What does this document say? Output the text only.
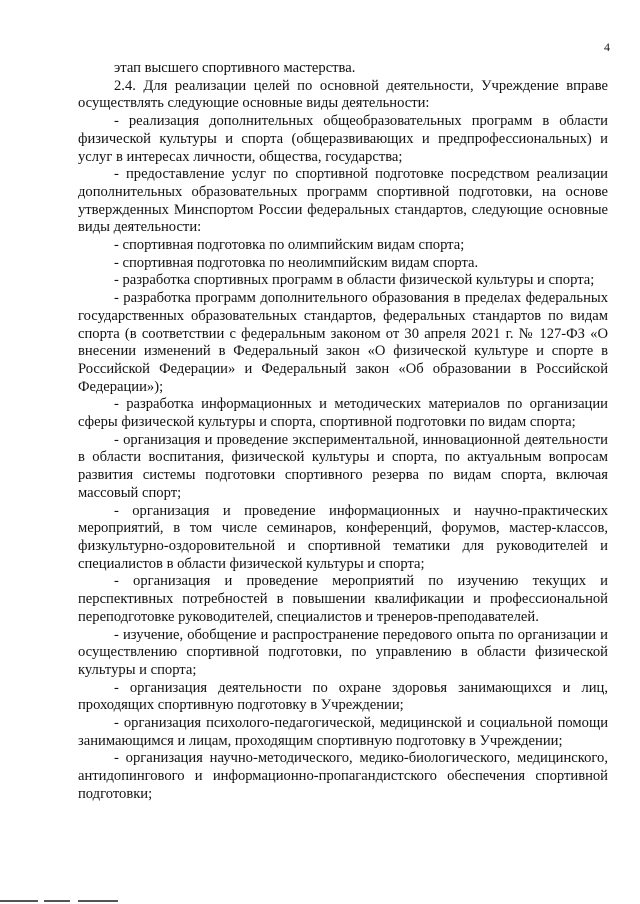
4

этап высшего спортивного мастерства.

2.4. Для реализации целей по основной деятельности, Учреждение вправе осуществлять следующие основные виды деятельности:

- реализация дополнительных общеобразовательных программ в области физической культуры и спорта (общеразвивающих и предпрофессиональных) и услуг в интересах личности, общества, государства;

- предоставление услуг по спортивной подготовке посредством реализации дополнительных образовательных программ спортивной подготовки, на основе утвержденных Минспортом России федеральных стандартов, следующие основные виды деятельности:

- спортивная подготовка по олимпийским видам спорта;

- спортивная подготовка по неолимпийским видам спорта.

- разработка спортивных программ в области физической культуры и спорта;

- разработка программ дополнительного образования в пределах федеральных государственных образовательных стандартов, федеральных стандартов по видам спорта (в соответствии с федеральным законом от 30 апреля 2021 г. № 127-ФЗ «О внесении изменений в Федеральный закон «О физической культуре и спорте в Российской Федерации» и Федеральный закон «Об образовании в Российской Федерации»);

- разработка информационных и методических материалов по организации сферы физической культуры и спорта, спортивной подготовки по видам спорта;

- организация и проведение экспериментальной, инновационной деятельности в области воспитания, физической культуры и спорта, по актуальным вопросам развития системы подготовки спортивного резерва по видам спорта, включая массовый спорт;

- организация и проведение информационных и научно-практических мероприятий, в том числе семинаров, конференций, форумов, мастер-классов, физкультурно-оздоровительной и спортивной тематики для руководителей и специалистов в области физической культуры и спорта;

- организация и проведение мероприятий по изучению текущих и перспективных потребностей в повышении квалификации и профессиональной переподготовке руководителей, специалистов и тренеров-преподавателей.

- изучение, обобщение и распространение передового опыта по организации и осуществлению спортивной подготовки, по управлению в области физической культуры и спорта;

- организация деятельности по охране здоровья занимающихся и лиц, проходящих спортивную подготовку в Учреждении;

- организация психолого-педагогической, медицинской и социальной помощи занимающимся и лицам, проходящим спортивную подготовку в Учреждении;

- организация научно-методического, медико-биологического, медицинского, антидопингового и информационно-пропагандистского обеспечения спортивной подготовки;
